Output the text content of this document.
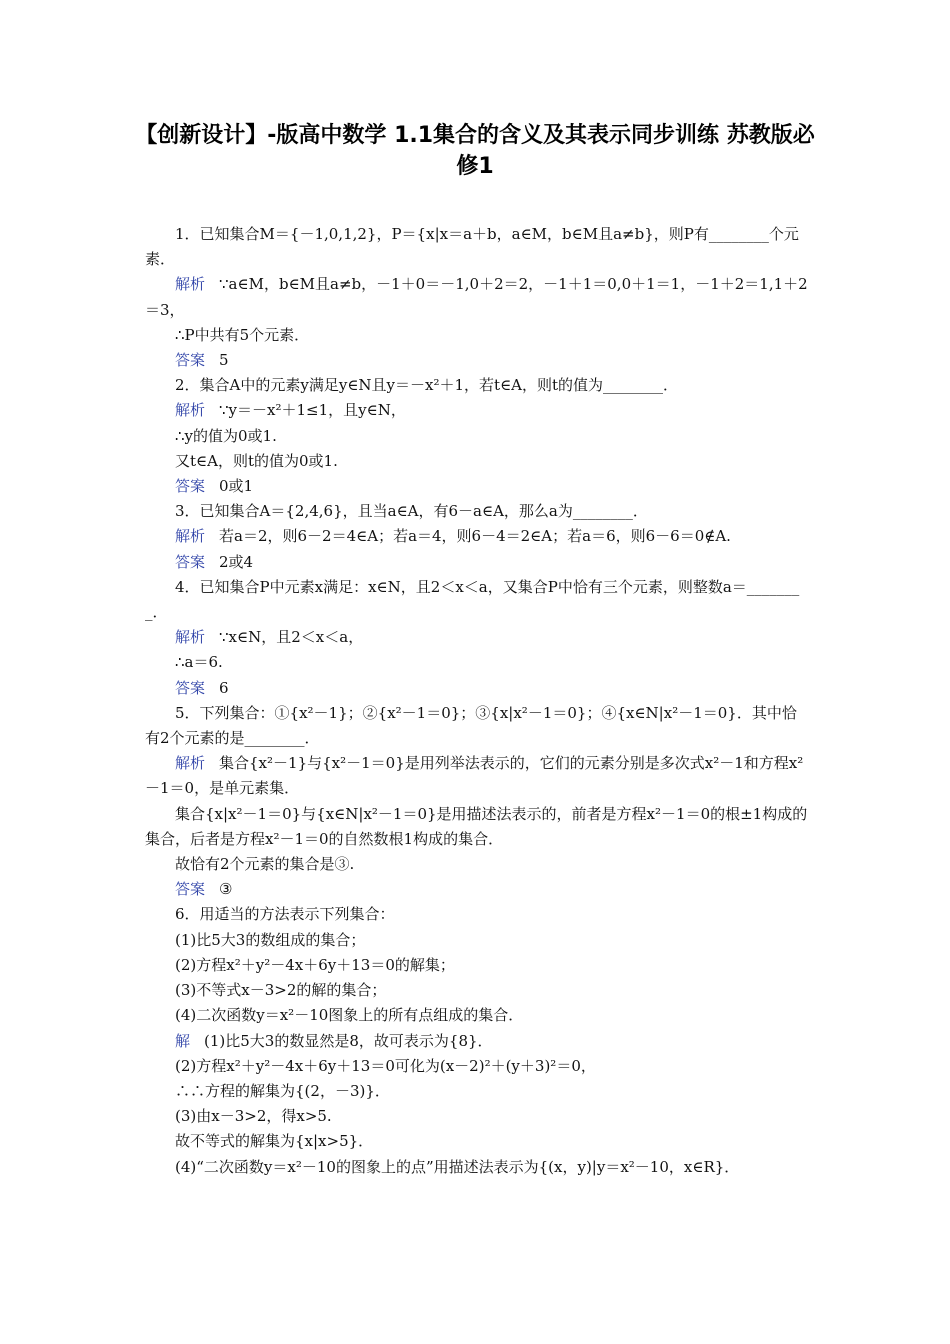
【创新设计】-版高中数学 1.1集合的含义及其表示同步训练 苏教版必修1

1．已知集合M＝{－1,0,1,2}，P＝{x|x＝a＋b，a∈M，b∈M且a≠b}，则P有________个元素．

解析 ∵a∈M，b∈M且a≠b，－1＋0＝－1,0＋2＝2，－1＋1＝0,0＋1＝1，－1＋2＝1,1＋2＝3，

∴P中共有5个元素．

答案 5

2．集合A中的元素y满足y∈N且y＝－x²＋1，若t∈A，则t的值为________．

解析 ∵y＝－x²＋1≤1，且y∈N，

∴y的值为0或1.

又t∈A，则t的值为0或1.

答案 0或1

3．已知集合A＝{2,4,6}，且当a∈A，有6－a∈A，那么a为________．

解析 若a＝2，则6－2＝4∈A；若a＝4，则6－4＝2∈A；若a＝6，则6－6＝0∉A.

答案 2或4

4．已知集合P中元素x满足：x∈N，且2＜x＜a，又集合P中恰有三个元素，则整数a＝________．

解析 ∵x∈N，且2＜x＜a，

∴a＝6.

答案 6

5．下列集合：①{x²－1}；②{x²－1＝0}；③{x|x²－1＝0}；④{x∈N|x²－1＝0}．其中恰有2个元素的是________．

解析 集合{x²－1}与{x²－1＝0}是用列举法表示的，它们的元素分别是多次式x²－1和方程x²－1＝0，是单元素集．

集合{x|x²－1＝0}与{x∈N|x²－1＝0}是用描述法表示的，前者是方程x²－1＝0的根±1构成的集合，后者是方程x²－1＝0的自然数根1构成的集合．

故恰有2个元素的集合是③.

答案 ③

6．用适当的方法表示下列集合：

(1)比5大3的数组成的集合；

(2)方程x²＋y²－4x＋6y＋13＝0的解集；

(3)不等式x－3>2的解的集合；

(4)二次函数y＝x²－10图象上的所有点组成的集合．

解 (1)比5大3的数显然是8，故可表示为{8}．

(2)方程x²＋y²－4x＋6y＋13＝0可化为(x－2)²＋(y＋3)²＝0，

∴∴方程的解集为{(2，－3)}．

(3)由x－3>2，得x>5.

故不等式的解集为{x|x>5}．

(4)“二次函数y＝x²－10的图象上的点”用描述法表示为{(x，y)|y＝x²－10，x∈R}．
